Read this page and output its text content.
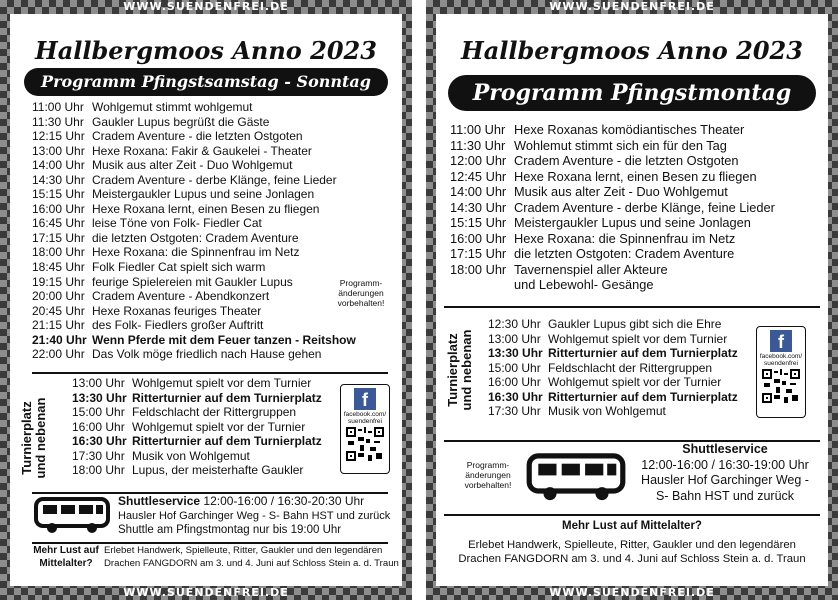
WWW.SUENDENFREI.DE
Hallbergmoos Anno 2023
Programm Pfingstsamstag - Sonntag
11:00 Uhr Wohlgemut stimmt wohlgemut
11:30 Uhr Gaukler Lupus begrüßt die Gäste
12:15 Uhr Cradem Aventure - die letzten Ostgoten
13:00 Uhr Hexe Roxana: Fakir & Gaukelei - Theater
14:00 Uhr Musik aus alter Zeit - Duo Wohlgemut
14:30 Uhr Cradem Aventure - derbe Klänge, feine Lieder
15:15 Uhr Meistergaukler Lupus und seine Jonlagen
16:00 Uhr Hexe Roxana lernt, einen Besen zu fliegen
16:45 Uhr leise Töne von Folk- Fiedler Cat
17:15 Uhr die letzten Ostgoten: Cradem Aventure
18:00 Uhr Hexe Roxana: die Spinnenfrau im Netz
18:45 Uhr Folk Fiedler Cat spielt sich warm
19:15 Uhr feurige Spielereien mit Gaukler Lupus
20:00 Uhr Cradem Aventure - Abendkonzert
20:45 Uhr Hexe Roxanas feuriges Theater
21:15 Uhr des Folk- Fiedlers großer Auftritt
21:40 Uhr Wenn Pferde mit dem Feuer tanzen - Reitshow
22:00 Uhr Das Volk möge friedlich nach Hause gehen
Programm-
änderungen
vorbehalten!
Turnierplatz und nebenan
13:00 Uhr Wohlgemut spielt vor dem Turnier
13:30 Uhr Ritterturnier auf dem Turnierplatz
15:00 Uhr Feldschlacht der Rittergruppen
16:00 Uhr Wohlgemut spielt vor der Turnier
16:30 Uhr Ritterturnier auf dem Turnierplatz
17:30 Uhr Musik von Wohlgemut
18:00 Uhr Lupus, der meisterhafte Gaukler
f
facebook.com/
suendenfrei
Shuttleservice 12:00-16:00 / 16:30-20:30 Uhr
Hausler Hof Garchinger Weg - S- Bahn HST und zurück
Shuttle am Pfingstmontag nur bis 19:00 Uhr
Mehr Lust auf
Mittelalter?
Erlebet Handwerk, Spielleute, Ritter, Gaukler und den legendären
Drachen FANGDORN am 3. und 4. Juni auf Schloss Stein a. d. Traun
WWW.SUENDENFREI.DE
WWW.SUENDENFREI.DE
Hallbergmoos Anno 2023
Programm Pfingstmontag
11:00 Uhr Hexe Roxanas komödiantisches Theater
11:30 Uhr Wohlemut stimmt sich ein für den Tag
12:00 Uhr Cradem Aventure - die letzten Ostgoten
12:45 Uhr Hexe Roxana lernt, einen Besen zu fliegen
14:00 Uhr Musik aus alter Zeit - Duo Wohlgemut
14:30 Uhr Cradem Aventure - derbe Klänge, feine Lieder
15:15 Uhr Meistergaukler Lupus und seine Jonlagen
16:00 Uhr Hexe Roxana: die Spinnenfrau im Netz
17:15 Uhr die letzten Ostgoten: Cradem Aventure
18:00 Uhr Tavernenspiel aller Akteure
und Lebewohl- Gesänge
Turnierplatz und nebenan
12:30 Uhr Gaukler Lupus gibt sich die Ehre
13:00 Uhr Wohlgemut spielt vor dem Turnier
13:30 Uhr Ritterturnier auf dem Turnierplatz
15:00 Uhr Feldschlacht der Rittergruppen
16:00 Uhr Wohlgemut spielt vor der Turnier
16:30 Uhr Ritterturnier auf dem Turnierplatz
17:30 Uhr Musik von Wohlgemut
f
facebook.com/
suendenfrei
Programm-
änderungen
vorbehalten!
Shuttleservice
12:00-16:00 / 16:30-19:00 Uhr
Hausler Hof Garchinger Weg -
S- Bahn HST und zurück
Mehr Lust auf Mittelalter?
Erlebet Handwerk, Spielleute, Ritter, Gaukler und den legendären
Drachen FANGDORN am 3. und 4. Juni auf Schloss Stein a. d. Traun
WWW.SUENDENFREI.DE
